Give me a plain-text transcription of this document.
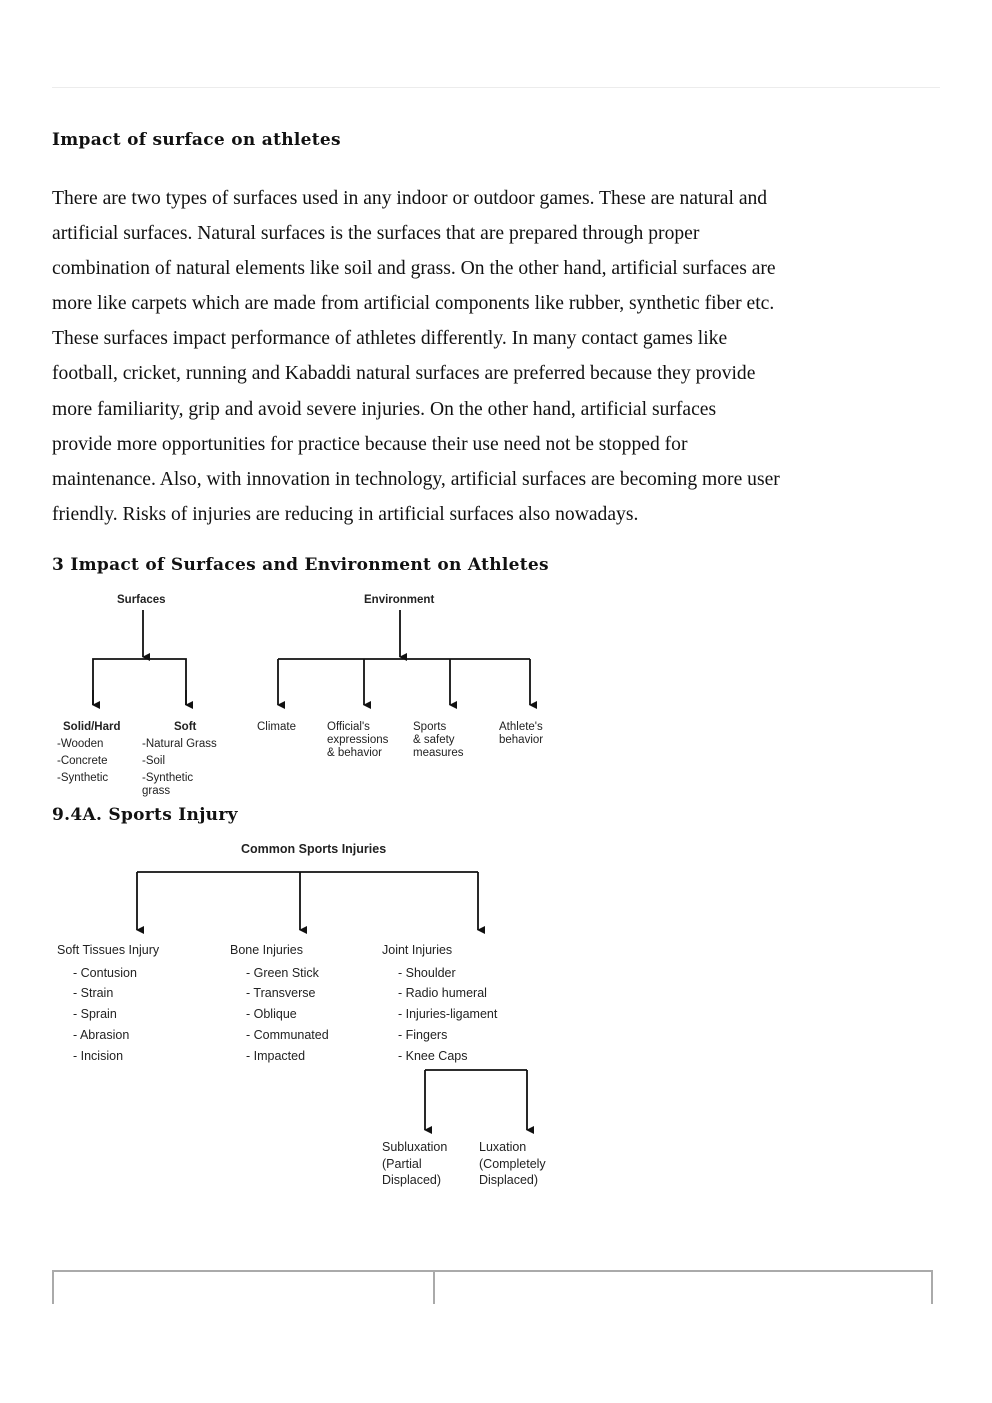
Impact of surface on athletes
There are two types of surfaces used in any indoor or outdoor games. These are natural and
artificial surfaces. Natural surfaces is the surfaces that are prepared through proper
combination of natural elements like soil and grass. On the other hand, artificial surfaces are
more like carpets which are made from artificial components like rubber, synthetic fiber etc.
These surfaces impact performance of athletes differently. In many contact games like
football, cricket, running and Kabaddi natural surfaces are preferred because they provide
more familiarity, grip and avoid severe injuries. On the other hand, artificial surfaces
provide more opportunities for practice because their use need not be stopped for
maintenance. Also, with innovation in technology, artificial surfaces are becoming more user
friendly. Risks of injuries are reducing in artificial surfaces also nowadays.
3 Impact of Surfaces and Environment on Athletes
Surfaces	Environment
Solid/Hard
-Wooden
-Concrete
-Synthetic
Soft
-Natural Grass
-Soil
-Synthetic
grass
Climate	Official's
expressions
& behavior
Sports
& safety
measures
Athlete's
behavior
9.4A. Sports Injury
Common Sports Injuries
Soft Tissues Injury
- Contusion
- Strain
- Sprain
- Abrasion
- Incision
Bone Injuries
- Green Stick
- Transverse
- Oblique
- Communated
- Impacted
Joint Injuries
- Shoulder
- Radio humeral
- Injuries-ligament
- Fingers
- Knee Caps
Subluxation
(Partial
Displaced)
Luxation
(Completely
Displaced)
